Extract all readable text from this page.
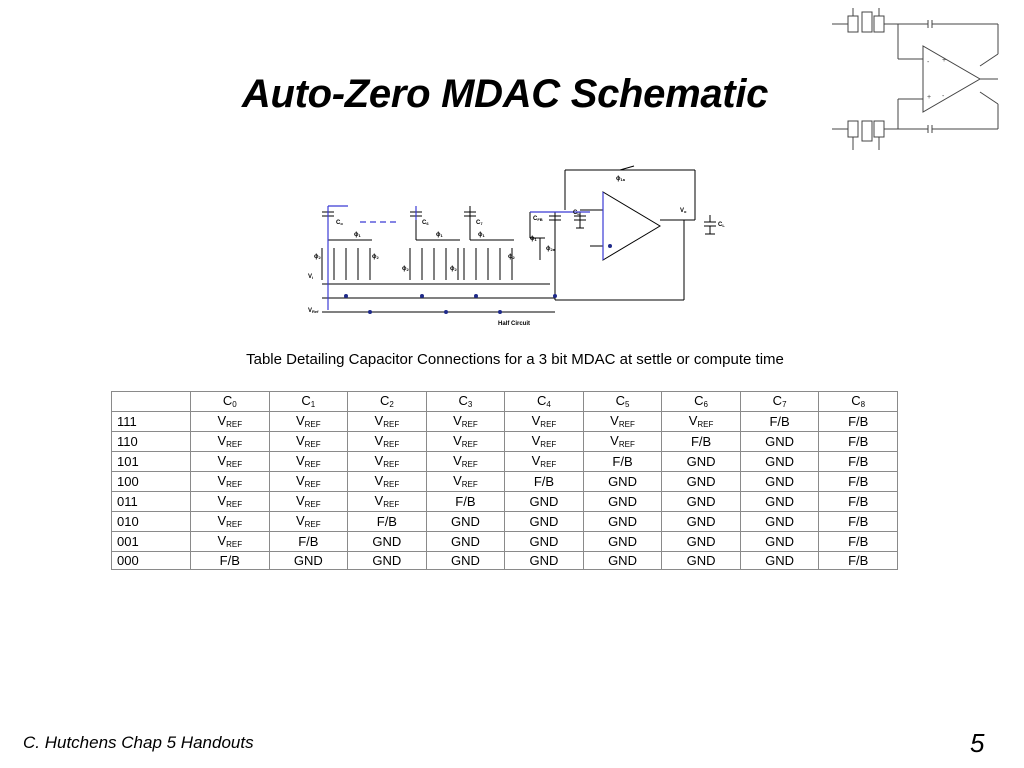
Auto-Zero MDAC Schematic
- +
+ -
Co	C6	C7
CFB
CL
CL
Vo
Vi
VRef
ϕ1a
ϕ1	ϕ1	ϕ1
ϕ1
ϕ2	ϕ2
ϕ2	ϕ2
ϕ2
ϕ2a
Half Circuit
Table Detailing Capacitor Connections for a 3 bit MDAC at settle or compute time
	$C_0$	$C_1$	$C_2$	$C_3$	$C_4$	$C_5$	$C_6$	$C_7$	$C_8$
111	$V_{REF}$	$V_{REF}$	$V_{REF}$	$V_{REF}$	$V_{REF}$	$V_{REF}$	$V_{REF}$	F/B	F/B
110	$V_{REF}$	$V_{REF}$	$V_{REF}$	$V_{REF}$	$V_{REF}$	$V_{REF}$	F/B	GND	F/B
101	$V_{REF}$	$V_{REF}$	$V_{REF}$	$V_{REF}$	$V_{REF}$	F/B	GND	GND	F/B
100	$V_{REF}$	$V_{REF}$	$V_{REF}$	$V_{REF}$	F/B	GND	GND	GND	F/B
011	$V_{REF}$	$V_{REF}$	$V_{REF}$	F/B	GND	GND	GND	GND	F/B
010	$V_{REF}$	$V_{REF}$	F/B	GND	GND	GND	GND	GND	F/B
001	$V_{REF}$	F/B	GND	GND	GND	GND	GND	GND	F/B
000	F/B	GND	GND	GND	GND	GND	GND	GND	F/B
C. Hutchens Chap 5 Handouts	5
